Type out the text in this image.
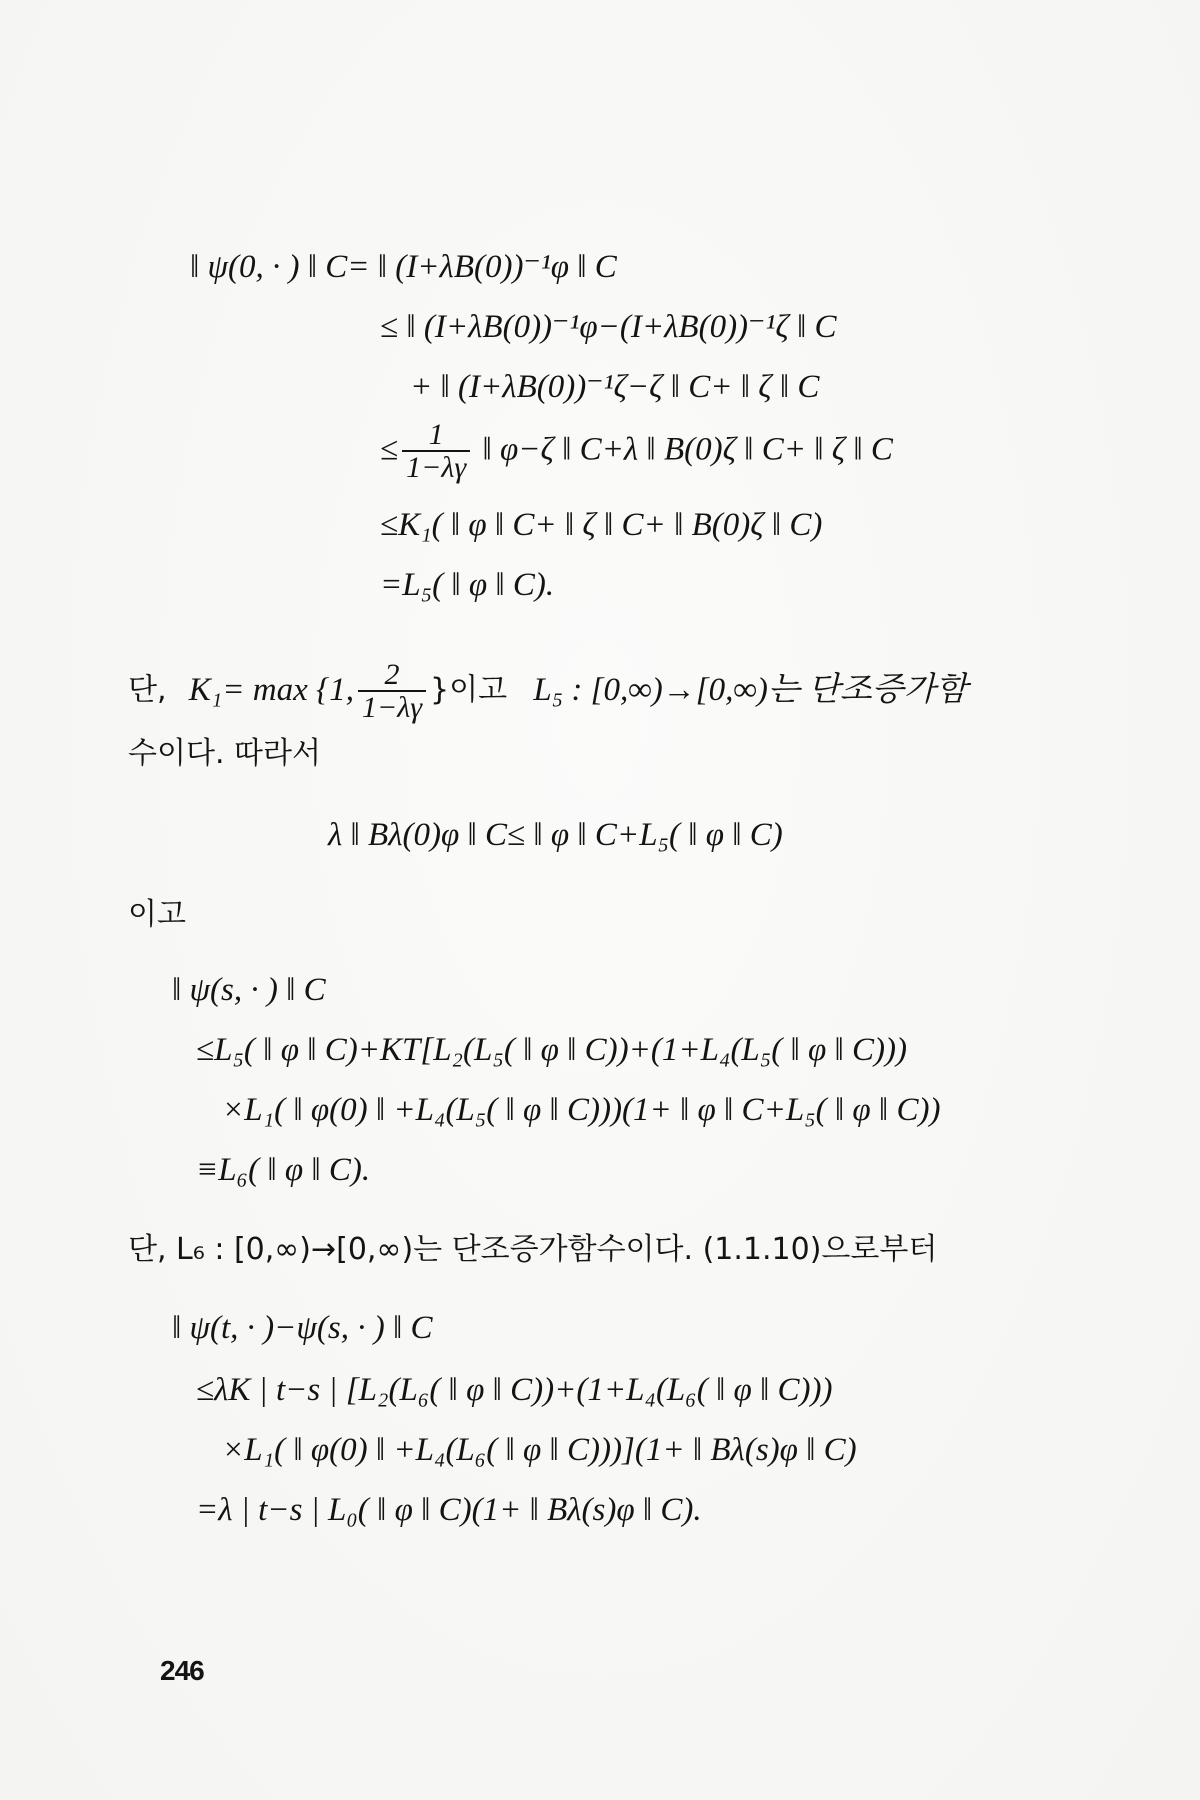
‖ ψ(0, · ) ‖ C= ‖ (I+λB(0))⁻¹φ ‖ C
≤ ‖ (I+λB(0))⁻¹φ−(I+λB(0))⁻¹ζ ‖ C
+ ‖ (I+λB(0))⁻¹ζ−ζ ‖ C+ ‖ ζ ‖ C
≤ $\frac{1}{1-\lambda\gamma}$ ‖ φ−ζ ‖ C+λ ‖ B(0)ζ ‖ C+ ‖ ζ ‖ C
≤K₁( ‖ φ ‖ C+ ‖ ζ ‖ C+ ‖ B(0)ζ ‖ C)
=L₅( ‖ φ ‖ C).
단, K₁= max {1, $\frac{2}{1-\lambda\gamma}$ }이고 L₅ : [0,∞)→[0,∞)는 단조증가함
수이다. 따라서
λ ‖ Bλ(0)φ ‖ C≤ ‖ φ ‖ C+L₅( ‖ φ ‖ C)
이고
‖ ψ(s, · ) ‖ C
≤L₅( ‖ φ ‖ C)+KT[L₂(L₅( ‖ φ ‖ C))+(1+L₄(L₅( ‖ φ ‖ C)))
×L₁( ‖ φ(0) ‖ +L₄(L₅( ‖ φ ‖ C)))(1+ ‖ φ ‖ C+L₅( ‖ φ ‖ C))
≡L₆( ‖ φ ‖ C).
단, L₆ : [0,∞)→[0,∞)는 단조증가함수이다. (1.1.10)으로부터
‖ ψ(t, · )−ψ(s, · ) ‖ C
≤λK | t−s | [L₂(L₆( ‖ φ ‖ C))+(1+L₄(L₆( ‖ φ ‖ C)))
×L₁( ‖ φ(0) ‖ +L₄(L₆( ‖ φ ‖ C)))](1+ ‖ Bλ(s)φ ‖ C)
=λ | t−s | L₀( ‖ φ ‖ C)(1+ ‖ Bλ(s)φ ‖ C).
246
